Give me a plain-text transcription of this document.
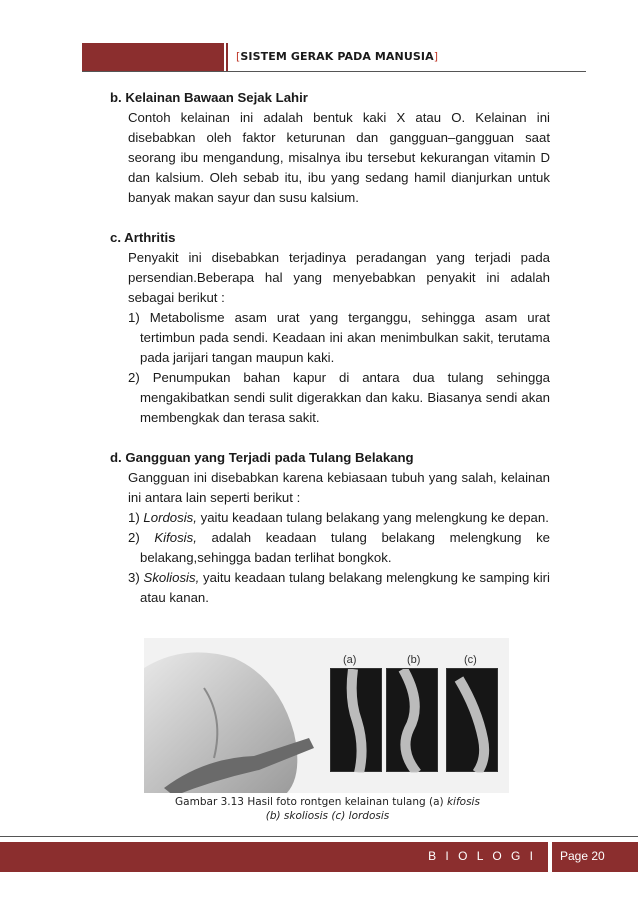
[SISTEM GERAK PADA MANUSIA]
b. Kelainan Bawaan Sejak Lahir
Contoh kelainan ini adalah bentuk kaki X atau O. Kelainan ini disebabkan oleh faktor keturunan dan gangguan–gangguan saat seorang ibu mengandung, misalnya ibu tersebut kekurangan vitamin D dan kalsium. Oleh sebab itu, ibu yang sedang hamil dianjurkan untuk banyak makan sayur dan susu kalsium.
c. Arthritis
Penyakit ini disebabkan terjadinya peradangan yang terjadi pada persendian.Beberapa hal yang menyebabkan penyakit ini adalah sebagai berikut :
1) Metabolisme asam urat yang terganggu, sehingga asam urat tertimbun pada sendi. Keadaan ini akan menimbulkan sakit, terutama pada jarijari tangan maupun kaki.
2) Penumpukan bahan kapur di antara dua tulang sehingga mengakibatkan sendi sulit digerakkan dan kaku. Biasanya sendi akan membengkak dan terasa sakit.
d. Gangguan yang Terjadi pada Tulang Belakang
Gangguan ini disebabkan karena kebiasaan tubuh yang salah, kelainan ini antara lain seperti berikut :
1) Lordosis, yaitu keadaan tulang belakang yang melengkung ke depan.
2) Kifosis, adalah keadaan tulang belakang melengkung ke belakang,sehingga badan terlihat bongkok.
3) Skoliosis, yaitu keadaan tulang belakang melengkung ke samping kiri atau kanan.
(a)	(b)	(c)
Gambar 3.13 Hasil foto rontgen kelainan tulang (a) kifosis
(b) skoliosis (c) lordosis
B I O L O G I Page 20
